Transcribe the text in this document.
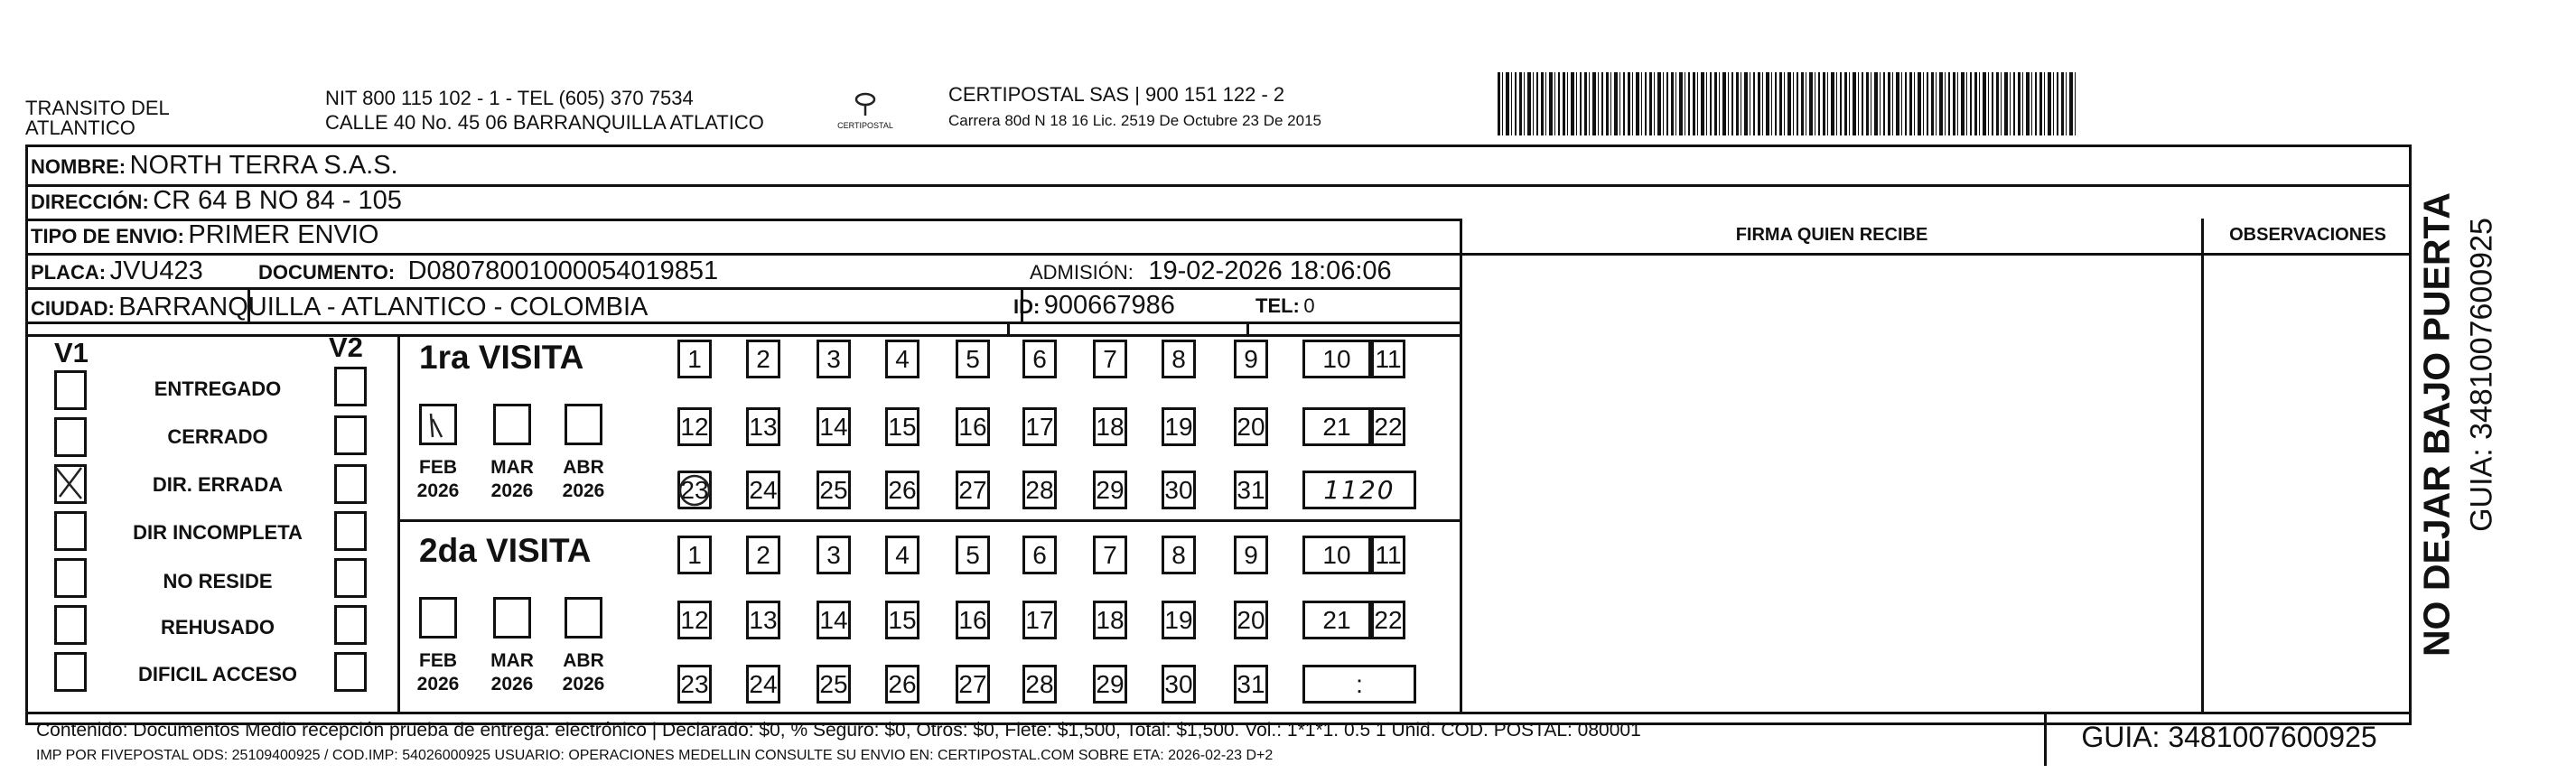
TRANSITO DEL
ATLANTICO
NIT 800 115 102 - 1 - TEL (605) 370 7534
CALLE 40 No. 45 06 BARRANQUILLA ATLATICO	CERTIPOSTAL
CERTIPOSTAL SAS | 900 151 122 - 2
Carrera 80d N 18 16 Lic. 2519 De Octubre 23 De 2015
NOMBRE: NORTH TERRA S.A.S.
DIRECCIÓN: CR 64 B NO 84 - 105
TIPO DE ENVIO: PRIMER ENVIO
PLACA: JVU423	DOCUMENTO: D08078001000054019851	ADMISIÓN: 19-02-2026 18:06:06
CIUDAD: BARRANQUILLA - ATLANTICO - COLOMBIA	ID: 900667986	TEL: 0
FIRMA QUIEN RECIBE	OBSERVACIONES
V1	V2
ENTREGADO
CERRADO
DIR. ERRADA
DIR INCOMPLETA
NO RESIDE
REHUSADO
DIFICIL ACCESO
1ra VISITA
2da VISITA
FEB
2026
MAR
2026
ABR
2026
FEB
2026
MAR
2026
ABR
2026
1	2	3	4	5	6	7	8	9	10 11
12 13 14 15 16 17 18 19 20	21 22
23 24 25 26 27 28 29 30 31	1120
1	2	3	4	5	6	7	8	9	10 11
12 13 14 15 16 17 18 19 20	21 22
23 24 25 26 27 28 29 30 31	:
Contenido: Documentos Medio recepción prueba de entrega: electrónico | Declarado: $0, % Seguro: $0, Otros: $0, Flete: $1,500, Total: $1,500. Vol.: 1*1*1. 0.5 1 Unid. COD. POSTAL: 080001
IMP POR FIVEPOSTAL ODS: 25109400925 / COD.IMP: 54026000925 USUARIO: OPERACIONES MEDELLIN CONSULTE SU ENVIO EN: CERTIPOSTAL.COM SOBRE ETA: 2026-02-23 D+2
GUIA: 3481007600925
NO DEJAR BAJO PUERTA GUIA: 3481007600925
